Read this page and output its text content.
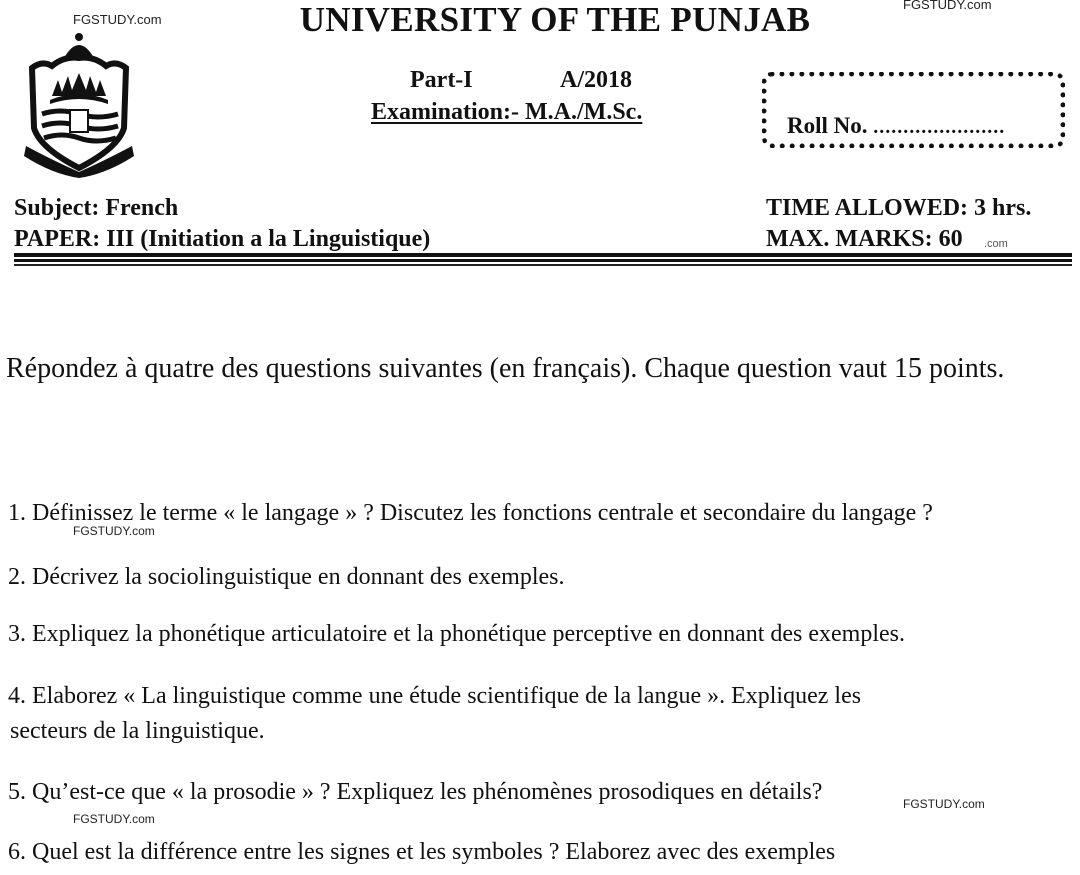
FGSTUDY.com
FGSTUDY.com
UNIVERSITY OF THE PUNJAB
Part-I	A/2018
Examination:- M.A./M.Sc.
Roll No. ......................
Subject: French
PAPER: III (Initiation a la Linguistique)
TIME ALLOWED: 3 hrs.
MAX. MARKS: 60 .com
Répondez à quatre des questions suivantes (en français). Chaque question vaut 15 points.
1. Définissez le terme « le langage » ? Discutez les fonctions centrale et secondaire du langage ?
FGSTUDY.com
2. Décrivez la sociolinguistique en donnant des exemples.
3. Expliquez la phonétique articulatoire et la phonétique perceptive en donnant des exemples.
4. Elaborez « La linguistique comme une étude scientifique de la langue ». Expliquez les
secteurs de la linguistique.
5. Qu’est-ce que « la prosodie » ? Expliquez les phénomènes prosodiques en détails?
FGSTUDY.com
FGSTUDY.com
6. Quel est la différence entre les signes et les symboles ? Elaborez avec des exemples
